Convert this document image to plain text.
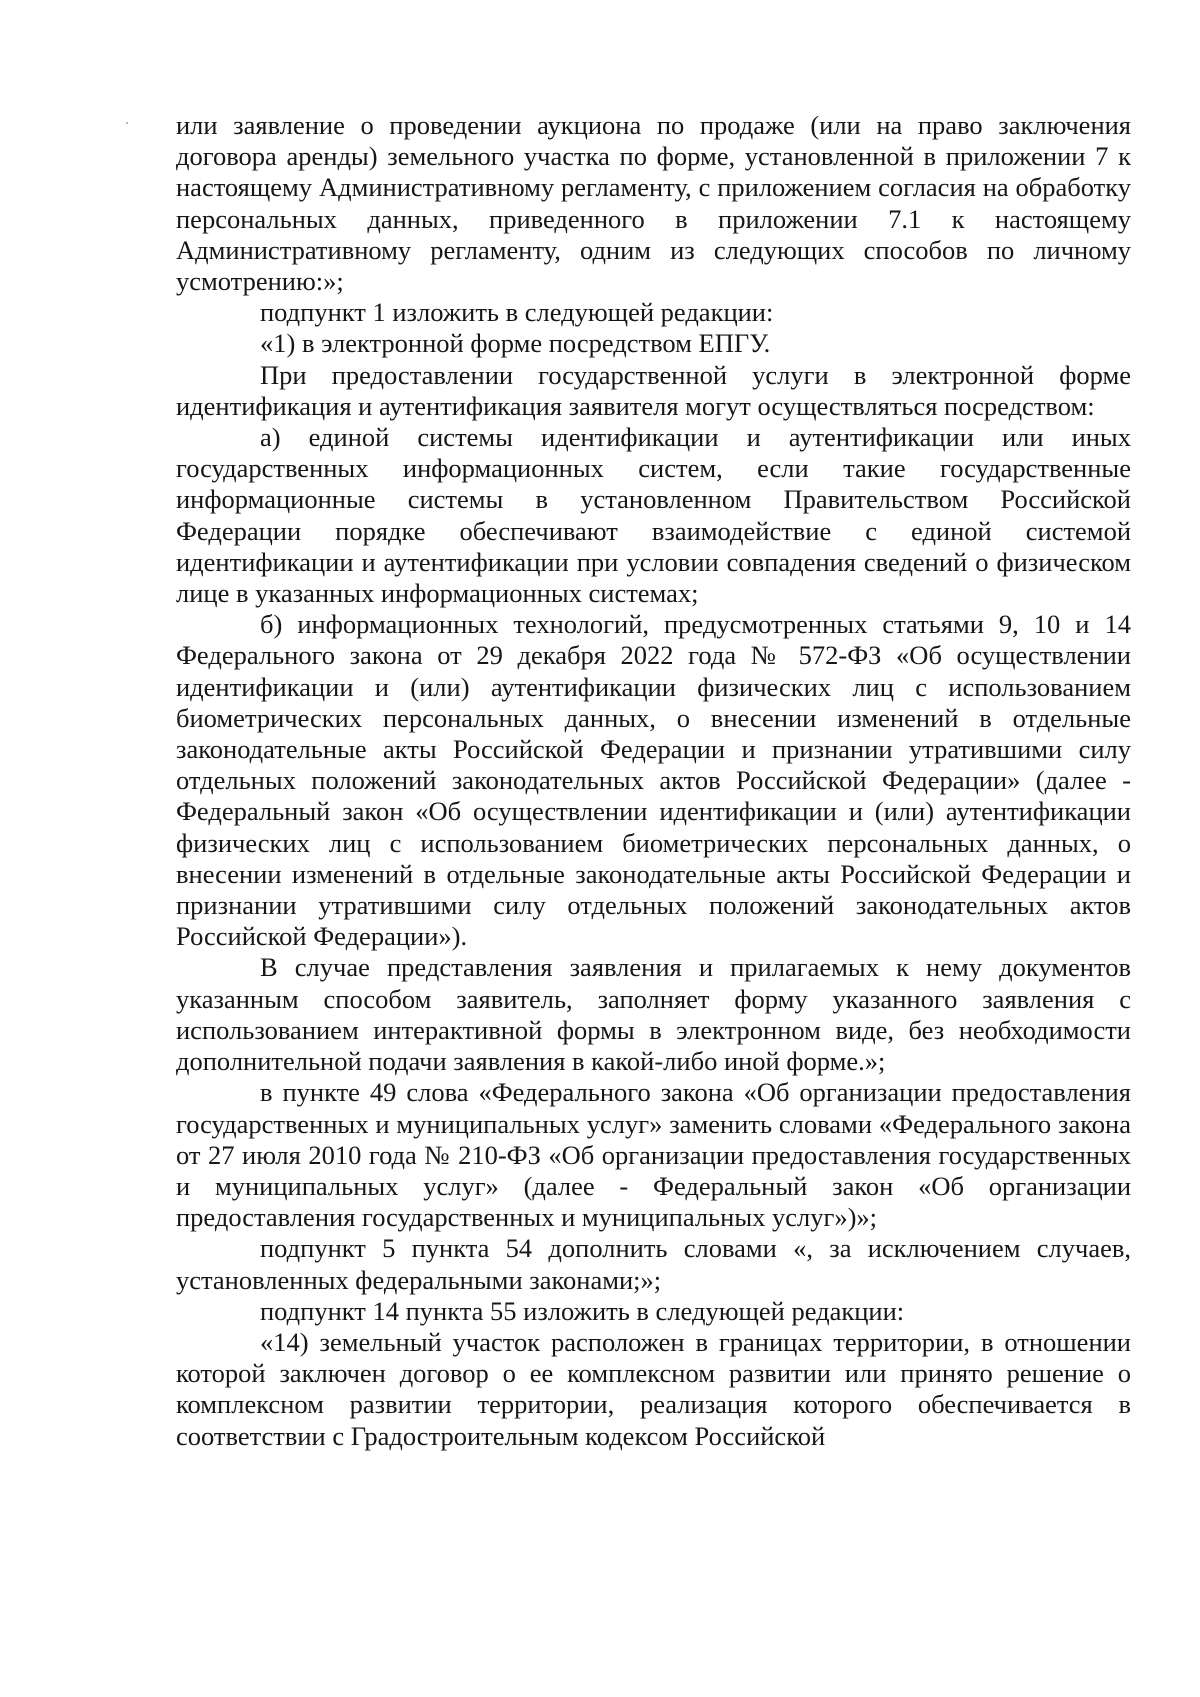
или заявление о проведении аукциона по продаже (или на право заключения договора аренды) земельного участка по форме, установленной в приложении 7 к настоящему Административному регламенту, с приложением согласия на обработку персональных данных, приведенного в приложении 7.1 к настоящему Административному регламенту, одним из следующих способов по личному усмотрению:»;

подпункт 1 изложить в следующей редакции:

«1) в электронной форме посредством ЕПГУ.

При предоставлении государственной услуги в электронной форме идентификация и аутентификация заявителя могут осуществляться посредством:

а) единой системы идентификации и аутентификации или иных государственных информационных систем, если такие государственные информационные системы в установленном Правительством Российской Федерации порядке обеспечивают взаимодействие с единой системой идентификации и аутентификации при условии совпадения сведений о физическом лице в указанных информационных системах;

б) информационных технологий, предусмотренных статьями 9, 10 и 14 Федерального закона от 29 декабря 2022 года № 572-ФЗ «Об осуществлении идентификации и (или) аутентификации физических лиц с использованием биометрических персональных данных, о внесении изменений в отдельные законодательные акты Российской Федерации и признании утратившими силу отдельных положений законодательных актов Российской Федерации» (далее - Федеральный закон «Об осуществлении идентификации и (или) аутентификации физических лиц с использованием биометрических персональных данных, о внесении изменений в отдельные законодательные акты Российской Федерации и признании утратившими силу отдельных положений законодательных актов Российской Федерации»).

В случае представления заявления и прилагаемых к нему документов указанным способом заявитель, заполняет форму указанного заявления с использованием интерактивной формы в электронном виде, без необходимости дополнительной подачи заявления в какой-либо иной форме.»;

в пункте 49 слова «Федерального закона «Об организации предоставления государственных и муниципальных услуг» заменить словами «Федерального закона от 27 июля 2010 года № 210-ФЗ «Об организации предоставления государственных и муниципальных услуг» (далее - Федеральный закон «Об организации предоставления государственных и муниципальных услуг»)»;

подпункт 5 пункта 54 дополнить словами «, за исключением случаев, установленных федеральными законами;»;

подпункт 14 пункта 55 изложить в следующей редакции:

«14) земельный участок расположен в границах территории, в отношении которой заключен договор о ее комплексном развитии или принято решение о комплексном развитии территории, реализация которого обеспечивается в соответствии с Градостроительным кодексом Российской
